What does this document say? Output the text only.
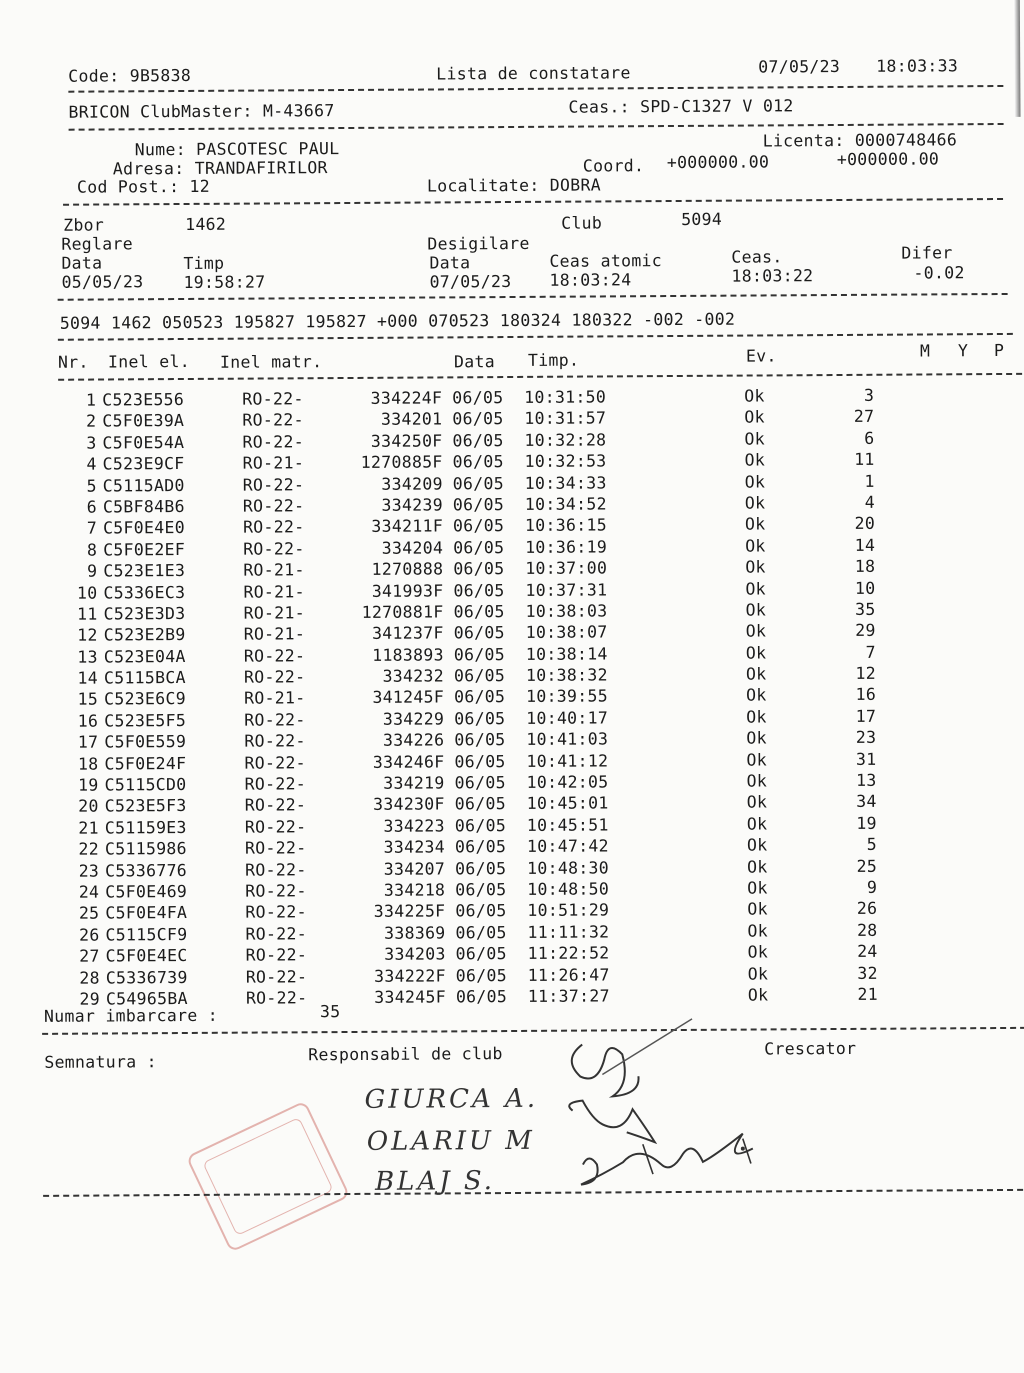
Code: 9B5838	Lista de constatare	07/05/23 18:03:33
BRICON ClubMaster: M-43667	Ceas.: SPD-C1327 V 012
Nume: PASCOTESC PAUL	Licenta: 0000748466
Adresa: TRANDAFIRILOR	Coord. +000000.00	+000000.00
Cod Post.: 12	Localitate: DOBRA
Zbor	1462	Club	5094
Reglare	Desigilare
Data	Timp	Data	Ceas atomic	Ceas.	Difer
05/05/23 19:58:27	07/05/23 18:03:24	18:03:22	-0.02
5094 1462 050523 195827 195827 +000 070523 180324 180322 -002 -002
Nr. Inel el. Inel matr.	Data Timp.	Ev.	M Y P
1	C523E556	RO-22-	334224F	06/05	10:31:50	Ok	3
2	C5F0E39A	RO-22-	334201	06/05	10:31:57	Ok	27
3	C5F0E54A	RO-22-	334250F	06/05	10:32:28	Ok	6
4	C523E9CF	RO-21-	1270885F	06/05	10:32:53	Ok	11
5	C5115AD0	RO-22-	334209	06/05	10:34:33	Ok	1
6	C5BF84B6	RO-22-	334239	06/05	10:34:52	Ok	4
7	C5F0E4E0	RO-22-	334211F	06/05	10:36:15	Ok	20
8	C5F0E2EF	RO-22-	334204	06/05	10:36:19	Ok	14
9	C523E1E3	RO-21-	1270888	06/05	10:37:00	Ok	18
10	C5336EC3	RO-21-	341993F	06/05	10:37:31	Ok	10
11	C523E3D3	RO-21-	1270881F	06/05	10:38:03	Ok	35
12	C523E2B9	RO-21-	341237F	06/05	10:38:07	Ok	29
13	C523E04A	RO-22-	1183893	06/05	10:38:14	Ok	7
14	C5115BCA	RO-22-	334232	06/05	10:38:32	Ok	12
15	C523E6C9	RO-21-	341245F	06/05	10:39:55	Ok	16
16	C523E5F5	RO-22-	334229	06/05	10:40:17	Ok	17
17	C5F0E559	RO-22-	334226	06/05	10:41:03	Ok	23
18	C5F0E24F	RO-22-	334246F	06/05	10:41:12	Ok	31
19	C5115CD0	RO-22-	334219	06/05	10:42:05	Ok	13
20	C523E5F3	RO-22-	334230F	06/05	10:45:01	Ok	34
21	C51159E3	RO-22-	334223	06/05	10:45:51	Ok	19
22	C5115986	RO-22-	334234	06/05	10:47:42	Ok	5
23	C5336776	RO-22-	334207	06/05	10:48:30	Ok	25
24	C5F0E469	RO-22-	334218	06/05	10:48:50	Ok	9
25	C5F0E4FA	RO-22-	334225F	06/05	10:51:29	Ok	26
26	C5115CF9	RO-22-	338369	06/05	11:11:32	Ok	28
27	C5F0E4EC	RO-22-	334203	06/05	11:22:52	Ok	24
28	C5336739	RO-22-	334222F	06/05	11:26:47	Ok	32
29	C54965BA	RO-22-	334245F	06/05	11:37:27	Ok	21
Numar imbarcare :	35
Semnatura :	Responsabil de club	Crescator
GIURCA A.
OLARIU M
BLAJ S.
